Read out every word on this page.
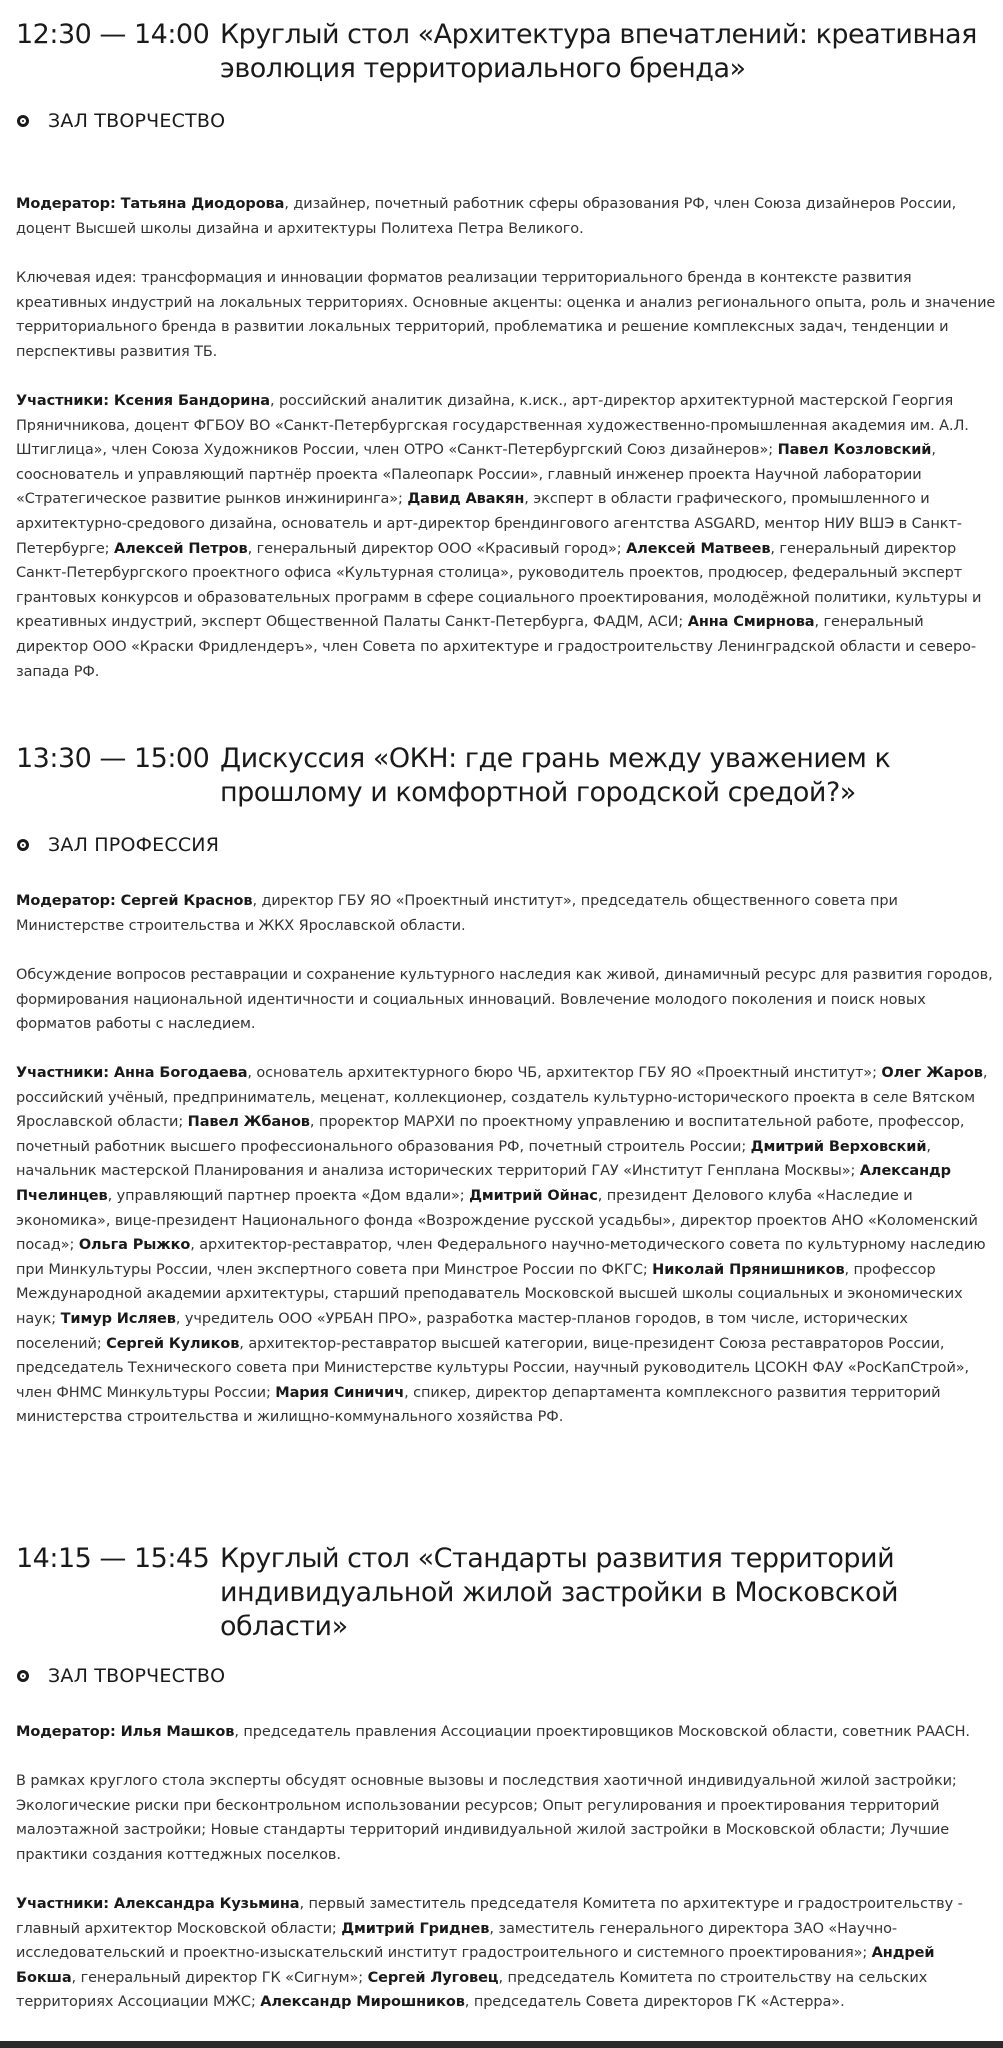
12:30 — 14:00 Круглый стол «Архитектура впечатлений: креативная
эволюция территориального бренда»
ЗАЛ ТВОРЧЕСТВО

Модератор: Татьяна Диодорова, дизайнер, почетный работник сферы образования РФ, член Союза дизайнеров России, доцент Высшей школы дизайна и архитектуры Политеха Петра Великого.

Ключевая идея: трансформация и инновации форматов реализации территориального бренда в контексте развития креативных индустрий на локальных территориях. Основные акценты: оценка и анализ регионального опыта, роль и значение территориального бренда в развитии локальных территорий, проблематика и решение комплексных задач, тенденции и перспективы развития ТБ.

Участники: Ксения Бандорина, российский аналитик дизайна, к.иск., арт-директор архитектурной мастерской Георгия Пряничникова, доцент ФГБОУ ВО «Санкт-Петербургская государственная художественно-промышленная академия им. А.Л. Штиглица», член Союза Художников России, член ОТРО «Санкт-Петербургский Союз дизайнеров»; Павел Козловский, сооснователь и управляющий партнёр проекта «Палеопарк России», главный инженер проекта Научной лаборатории «Стратегическое развитие рынков инжиниринга»; Давид Авакян, эксперт в области графического, промышленного и архитектурно-средового дизайна, основатель и арт-директор брендингового агентства ASGARD, ментор НИУ ВШЭ в Санкт-Петербурге; Алексей Петров, генеральный директор ООО «Красивый город»; Алексей Матвеев, генеральный директор Санкт-Петербургского проектного офиса «Культурная столица», руководитель проектов, продюсер, федеральный эксперт грантовых конкурсов и образовательных программ в сфере социального проектирования, молодёжной политики, культуры и креативных индустрий, эксперт Общественной Палаты Санкт-Петербурга, ФАДМ, АСИ; Анна Смирнова, генеральный директор ООО «Краски Фридлендеръ», член Совета по архитектуре и градостроительству Ленинградской области и северо-запада РФ.

13:30 — 15:00 Дискуссия «ОКН: где грань между уважением к
прошлому и комфортной городской средой?»
ЗАЛ ПРОФЕССИЯ

Модератор: Сергей Краснов, директор ГБУ ЯО «Проектный институт», председатель общественного совета при Министерстве строительства и ЖКХ Ярославской области.

Обсуждение вопросов реставрации и сохранение культурного наследия как живой, динамичный ресурс для развития городов, формирования национальной идентичности и социальных инноваций. Вовлечение молодого поколения и поиск новых форматов работы с наследием.

Участники: Анна Богодаева, основатель архитектурного бюро ЧБ, архитектор ГБУ ЯО «Проектный институт»; Олег Жаров, российский учёный, предприниматель, меценат, коллекционер, создатель культурно-исторического проекта в селе Вятском Ярославской области; Павел Жбанов, проректор МАРХИ по проектному управлению и воспитательной работе, профессор, почетный работник высшего профессионального образования РФ, почетный строитель России; Дмитрий Верховский, начальник мастерской Планирования и анализа исторических территорий ГАУ «Институт Генплана Москвы»; Александр Пчелинцев, управляющий партнер проекта «Дом вдали»; Дмитрий Ойнас, президент Делового клуба «Наследие и экономика», вице-президент Национального фонда «Возрождение русской усадьбы», директор проектов АНО «Коломенский посад»; Ольга Рыжко, архитектор-реставратор, член Федерального научно-методического совета по культурному наследию при Минкультуры России, член экспертного совета при Минстрое России по ФКГС; Николай Прянишников, профессор Международной академии архитектуры, старший преподаватель Московской высшей школы социальных и экономических наук; Тимур Исляев, учредитель ООО «УРБАН ПРО», разработка мастер-планов городов, в том числе, исторических поселений; Сергей Куликов, архитектор-реставратор высшей категории, вице-президент Союза реставраторов России, председатель Технического совета при Министерстве культуры России, научный руководитель ЦСОКН ФАУ «РосКапСтрой», член ФНМС Минкультуры России; Мария Синичич, спикер, директор департамента комплексного развития территорий министерства строительства и жилищно-коммунального хозяйства РФ.

14:15 — 15:45 Круглый стол «Стандарты развития территорий
индивидуальной жилой застройки в Московской
области»
ЗАЛ ТВОРЧЕСТВО

Модератор: Илья Машков, председатель правления Ассоциации проектировщиков Московской области, советник РААСН.

В рамках круглого стола эксперты обсудят основные вызовы и последствия хаотичной индивидуальной жилой застройки; Экологические риски при бесконтрольном использовании ресурсов; Опыт регулирования и проектирования территорий малоэтажной застройки; Новые стандарты территорий индивидуальной жилой застройки в Московской области; Лучшие практики создания коттеджных поселков.

Участники: Александра Кузьмина, первый заместитель председателя Комитета по архитектуре и градостроительству - главный архитектор Московской области; Дмитрий Гриднев, заместитель генерального директора ЗАО «Научно-исследовательский и проектно-изыскательский институт градостроительного и системного проектирования»; Андрей Бокша, генеральный директор ГК «Сигнум»; Сергей Луговец, председатель Комитета по строительству на сельских территориях Ассоциации МЖС; Александр Мирошников, председатель Совета директоров ГК «Астерра».
